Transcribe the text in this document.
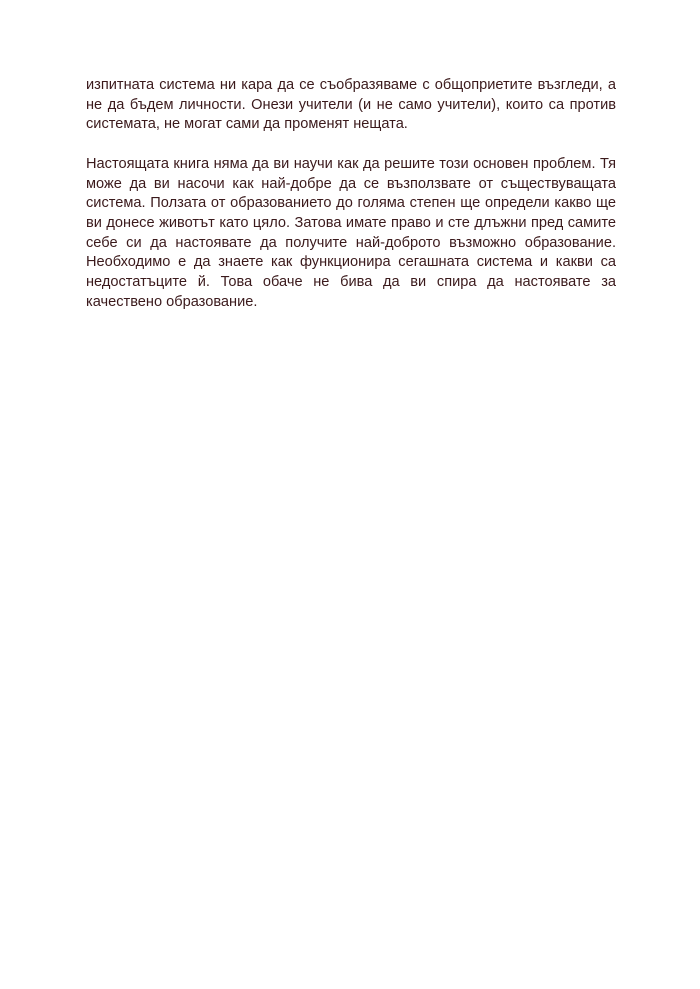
изпитната система ни кара да се съобразяваме с общоприетите възгледи, а не да бъдем личности. Онези учители (и не само учители), които са против системата, не могат сами да променят нещата.

Настоящата книга няма да ви научи как да решите този основен проблем. Тя може да ви насочи как най-добре да се възползвате от съществуващата система. Ползата от образованието до голяма степен ще определи какво ще ви донесе животът като цяло. Затова имате право и сте длъжни пред самите себе си да настоявате да получите най-доброто възможно образование. Необходимо е да знаете как функционира сегашната система и какви са недостатъците й. Това обаче не бива да ви спира да настоявате за качествено образование.
